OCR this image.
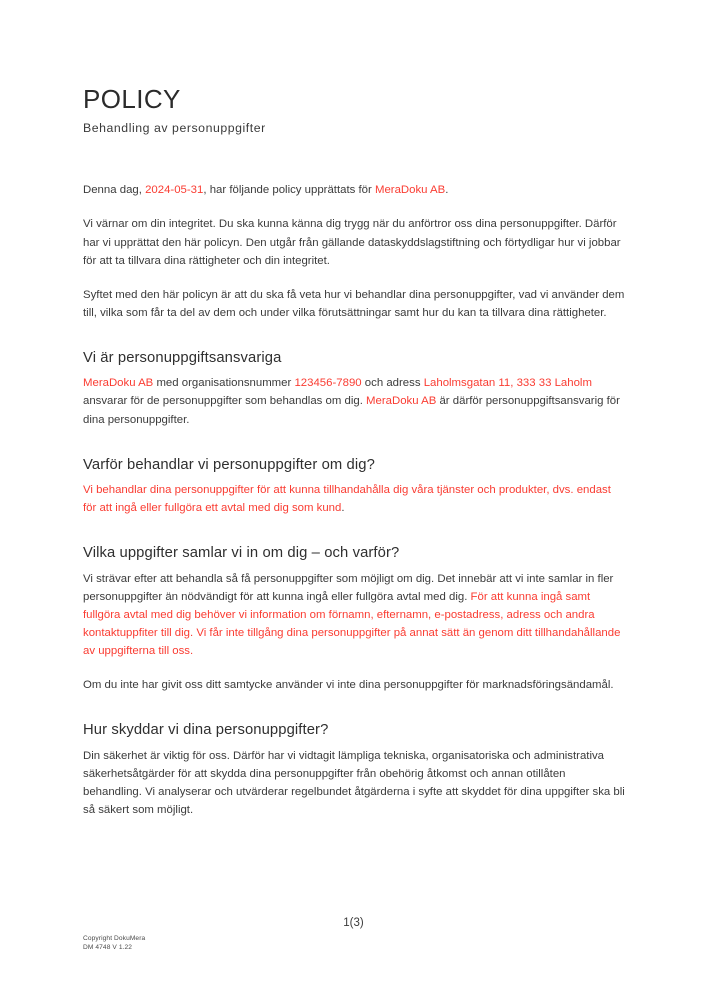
POLICY
Behandling av personuppgifter

Denna dag, 2024-05-31, har följande policy upprättats för MeraDoku AB.

Vi värnar om din integritet. Du ska kunna känna dig trygg när du anförtror oss dina personuppgifter. Därför har vi upprättat den här policyn. Den utgår från gällande dataskyddslagstiftning och förtydligar hur vi jobbar för att ta tillvara dina rättigheter och din integritet.

Syftet med den här policyn är att du ska få veta hur vi behandlar dina personuppgifter, vad vi använder dem till, vilka som får ta del av dem och under vilka förutsättningar samt hur du kan ta tillvara dina rättigheter.

Vi är personuppgiftsansvariga

MeraDoku AB med organisationsnummer 123456-7890 och adress Laholmsgatan 11, 333 33 Laholm ansvarar för de personuppgifter som behandlas om dig. MeraDoku AB är därför personuppgiftsansvarig för dina personuppgifter.

Varför behandlar vi personuppgifter om dig?

Vi behandlar dina personuppgifter för att kunna tillhandahålla dig våra tjänster och produkter, dvs. endast för att ingå eller fullgöra ett avtal med dig som kund.

Vilka uppgifter samlar vi in om dig – och varför?

Vi strävar efter att behandla så få personuppgifter som möjligt om dig. Det innebär att vi inte samlar in fler personuppgifter än nödvändigt för att kunna ingå eller fullgöra avtal med dig. För att kunna ingå samt fullgöra avtal med dig behöver vi information om förnamn, efternamn, e-postadress, adress och andra kontaktuppfiter till dig. Vi får inte tillgång dina personuppgifter på annat sätt än genom ditt tillhandahållande av uppgifterna till oss.

Om du inte har givit oss ditt samtycke använder vi inte dina personuppgifter för marknadsföringsändamål.

Hur skyddar vi dina personuppgifter?

Din säkerhet är viktig för oss. Därför har vi vidtagit lämpliga tekniska, organisatoriska och administrativa säkerhetsåtgärder för att skydda dina personuppgifter från obehörig åtkomst och annan otillåten behandling. Vi analyserar och utvärderar regelbundet åtgärderna i syfte att skyddet för dina uppgifter ska bli så säkert som möjligt.

1(3)
Copyright DokuMera
DM 4748 V 1.22
